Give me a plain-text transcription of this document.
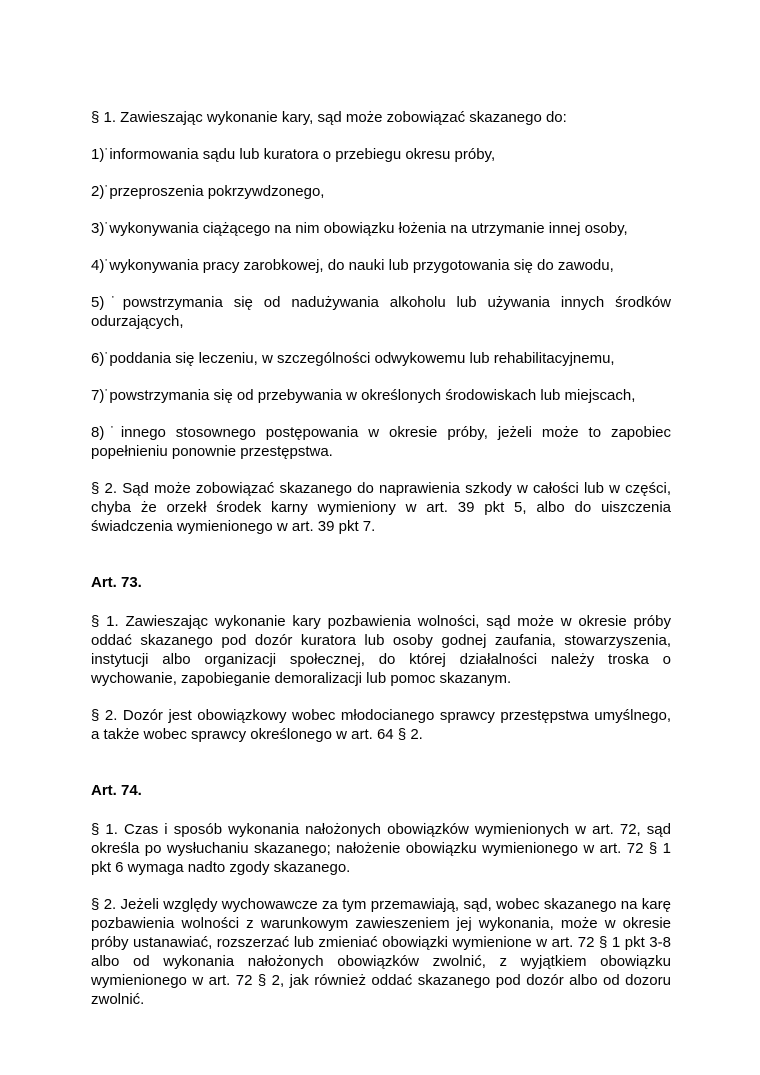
§ 1. Zawieszając wykonanie kary, sąd może zobowiązać skazanego do:

1)˙informowania sądu lub kuratora o przebiegu okresu próby,

2)˙przeproszenia pokrzywdzonego,

3)˙wykonywania ciążącego na nim obowiązku łożenia na utrzymanie innej osoby,

4)˙wykonywania pracy zarobkowej, do nauki lub przygotowania się do zawodu,

5)˙powstrzymania się od nadużywania alkoholu lub używania innych środków odurzających,

6)˙poddania się leczeniu, w szczególności odwykowemu lub rehabilitacyjnemu,

7)˙powstrzymania się od przebywania w określonych środowiskach lub miejscach,

8)˙innego stosownego postępowania w okresie próby, jeżeli może to zapobiec popełnieniu ponownie przestępstwa.

§ 2. Sąd może zobowiązać skazanego do naprawienia szkody w całości lub w części, chyba że orzekł środek karny wymieniony w art. 39 pkt 5, albo do uiszczenia świadczenia wymienionego w art. 39 pkt 7.

Art. 73.

§ 1. Zawieszając wykonanie kary pozbawienia wolności, sąd może w okresie próby oddać skazanego pod dozór kuratora lub osoby godnej zaufania, stowarzyszenia, instytucji albo organizacji społecznej, do której działalności należy troska o wychowanie, zapobieganie demoralizacji lub pomoc skazanym.

§ 2. Dozór jest obowiązkowy wobec młodocianego sprawcy przestępstwa umyślnego, a także wobec sprawcy określonego w art. 64 § 2.

Art. 74.

§ 1. Czas i sposób wykonania nałożonych obowiązków wymienionych w art. 72, sąd określa po wysłuchaniu skazanego; nałożenie obowiązku wymienionego w art. 72 § 1 pkt 6 wymaga nadto zgody skazanego.

§ 2. Jeżeli względy wychowawcze za tym przemawiają, sąd, wobec skazanego na karę pozbawienia wolności z warunkowym zawieszeniem jej wykonania, może w okresie próby ustanawiać, rozszerzać lub zmieniać obowiązki wymienione w art. 72 § 1 pkt 3-8 albo od wykonania nałożonych obowiązków zwolnić, z wyjątkiem obowiązku wymienionego w art. 72 § 2, jak również oddać skazanego pod dozór albo od dozoru zwolnić.
